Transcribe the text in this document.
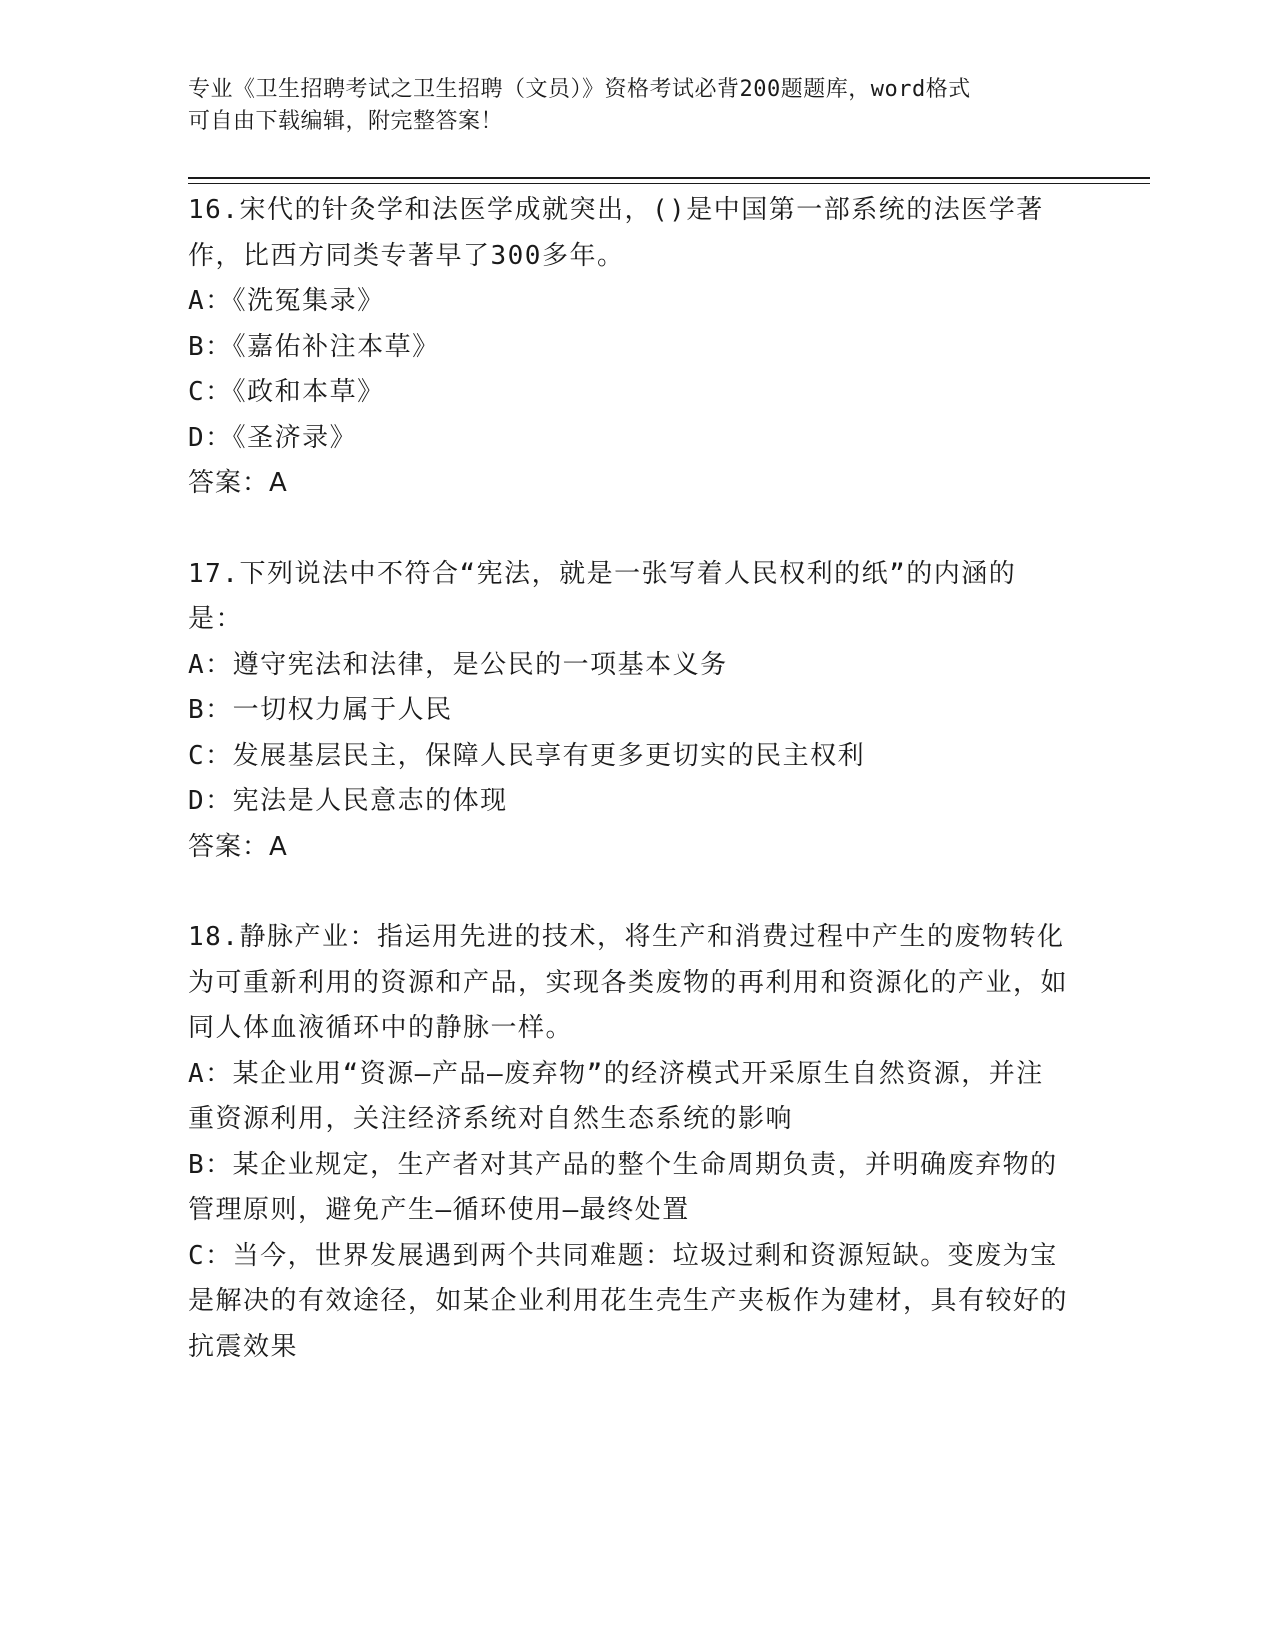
专业《卫生招聘考试之卫生招聘（文员）》资格考试必背200题题库，word格式
可自由下载编辑，附完整答案！
16.宋代的针灸学和法医学成就突出，()是中国第一部系统的法医学著作，比西方同类专著早了300多年。
A：《洗冤集录》
B：《嘉佑补注本草》
C：《政和本草》
D：《圣济录》
答案：A
17.下列说法中不符合“宪法，就是一张写着人民权利的纸”的内涵的是：
A：遵守宪法和法律，是公民的一项基本义务
B：一切权力属于人民
C：发展基层民主，保障人民享有更多更切实的民主权利
D：宪法是人民意志的体现
答案：A
18.静脉产业：指运用先进的技术，将生产和消费过程中产生的废物转化为可重新利用的资源和产品，实现各类废物的再利用和资源化的产业，如同人体血液循环中的静脉一样。
A：某企业用“资源—产品—废弃物”的经济模式开采原生自然资源，并注重资源利用，关注经济系统对自然生态系统的影响
B：某企业规定，生产者对其产品的整个生命周期负责，并明确废弃物的管理原则，避免产生—循环使用—最终处置
C：当今，世界发展遇到两个共同难题：垃圾过剩和资源短缺。变废为宝是解决的有效途径，如某企业利用花生壳生产夹板作为建材，具有较好的抗震效果
